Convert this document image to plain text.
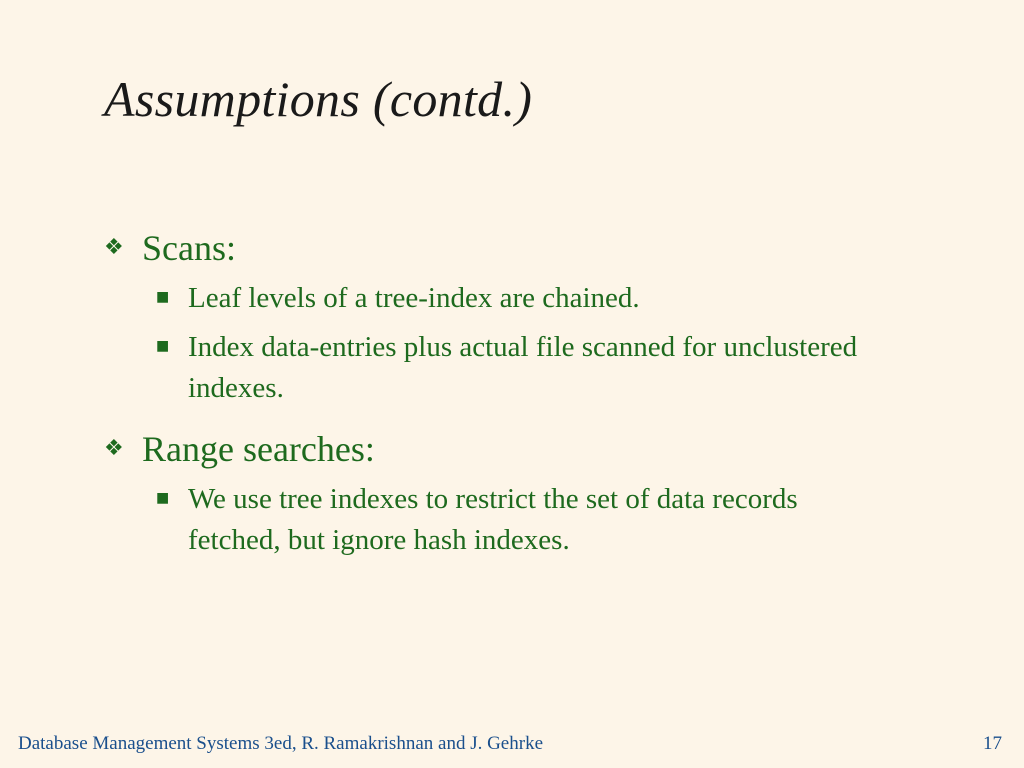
Assumptions (contd.)
❖ Scans:
■ Leaf levels of a tree-index are chained.
■ Index data-entries plus actual file scanned for unclustered indexes.
❖ Range searches:
■ We use tree indexes to restrict the set of data records fetched, but ignore hash indexes.
Database Management Systems 3ed, R. Ramakrishnan and J. Gehrke	17
